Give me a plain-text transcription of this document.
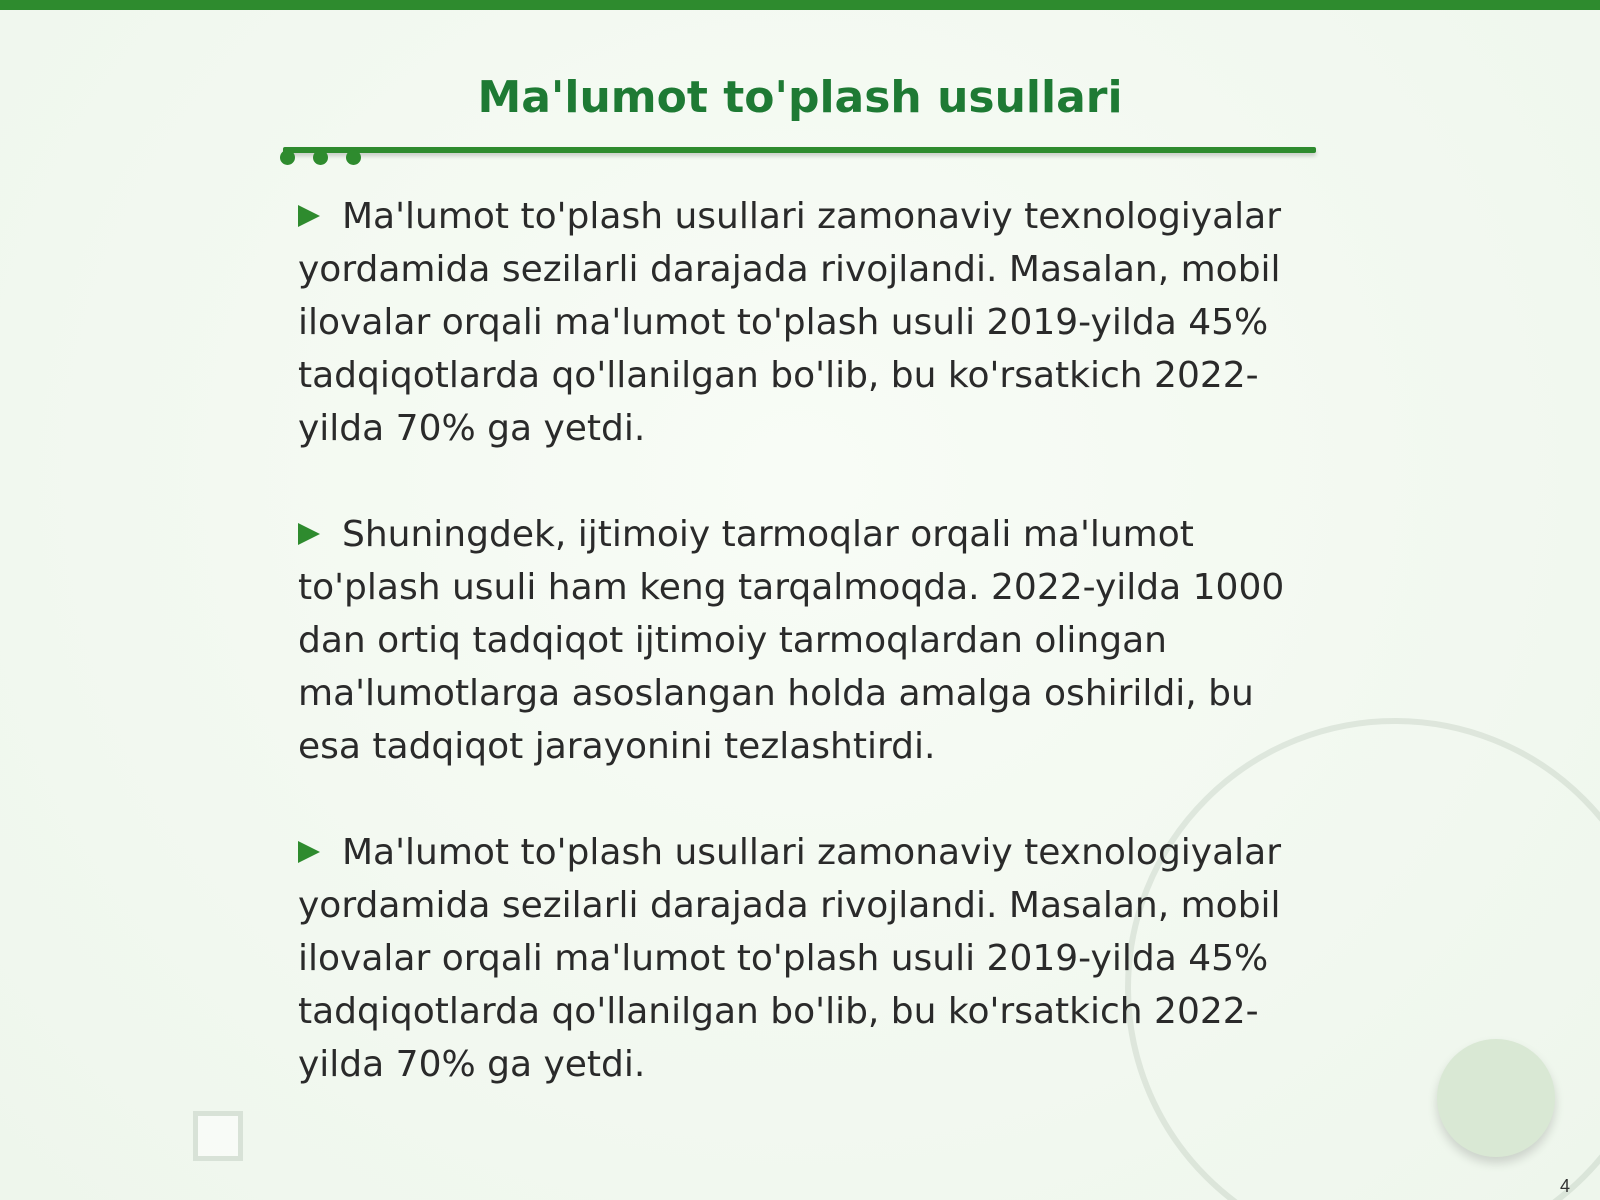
Ma'lumot to'plash usullari
Ma'lumot to'plash usullari zamonaviy texnologiyalar yordamida sezilarli darajada rivojlandi. Masalan, mobil ilovalar orqali ma'lumot to'plash usuli 2019-yilda 45% tadqiqotlarda qo'llanilgan bo'lib, bu ko'rsatkich 2022-yilda 70% ga yetdi.
Shuningdek, ijtimoiy tarmoqlar orqali ma'lumot to'plash usuli ham keng tarqalmoqda. 2022-yilda 1000 dan ortiq tadqiqot ijtimoiy tarmoqlardan olingan ma'lumotlarga asoslangan holda amalga oshirildi, bu esa tadqiqot jarayonini tezlashtirdi.
Ma'lumot to'plash usullari zamonaviy texnologiyalar yordamida sezilarli darajada rivojlandi. Masalan, mobil ilovalar orqali ma'lumot to'plash usuli 2019-yilda 45% tadqiqotlarda qo'llanilgan bo'lib, bu ko'rsatkich 2022-yilda 70% ga yetdi.
4
